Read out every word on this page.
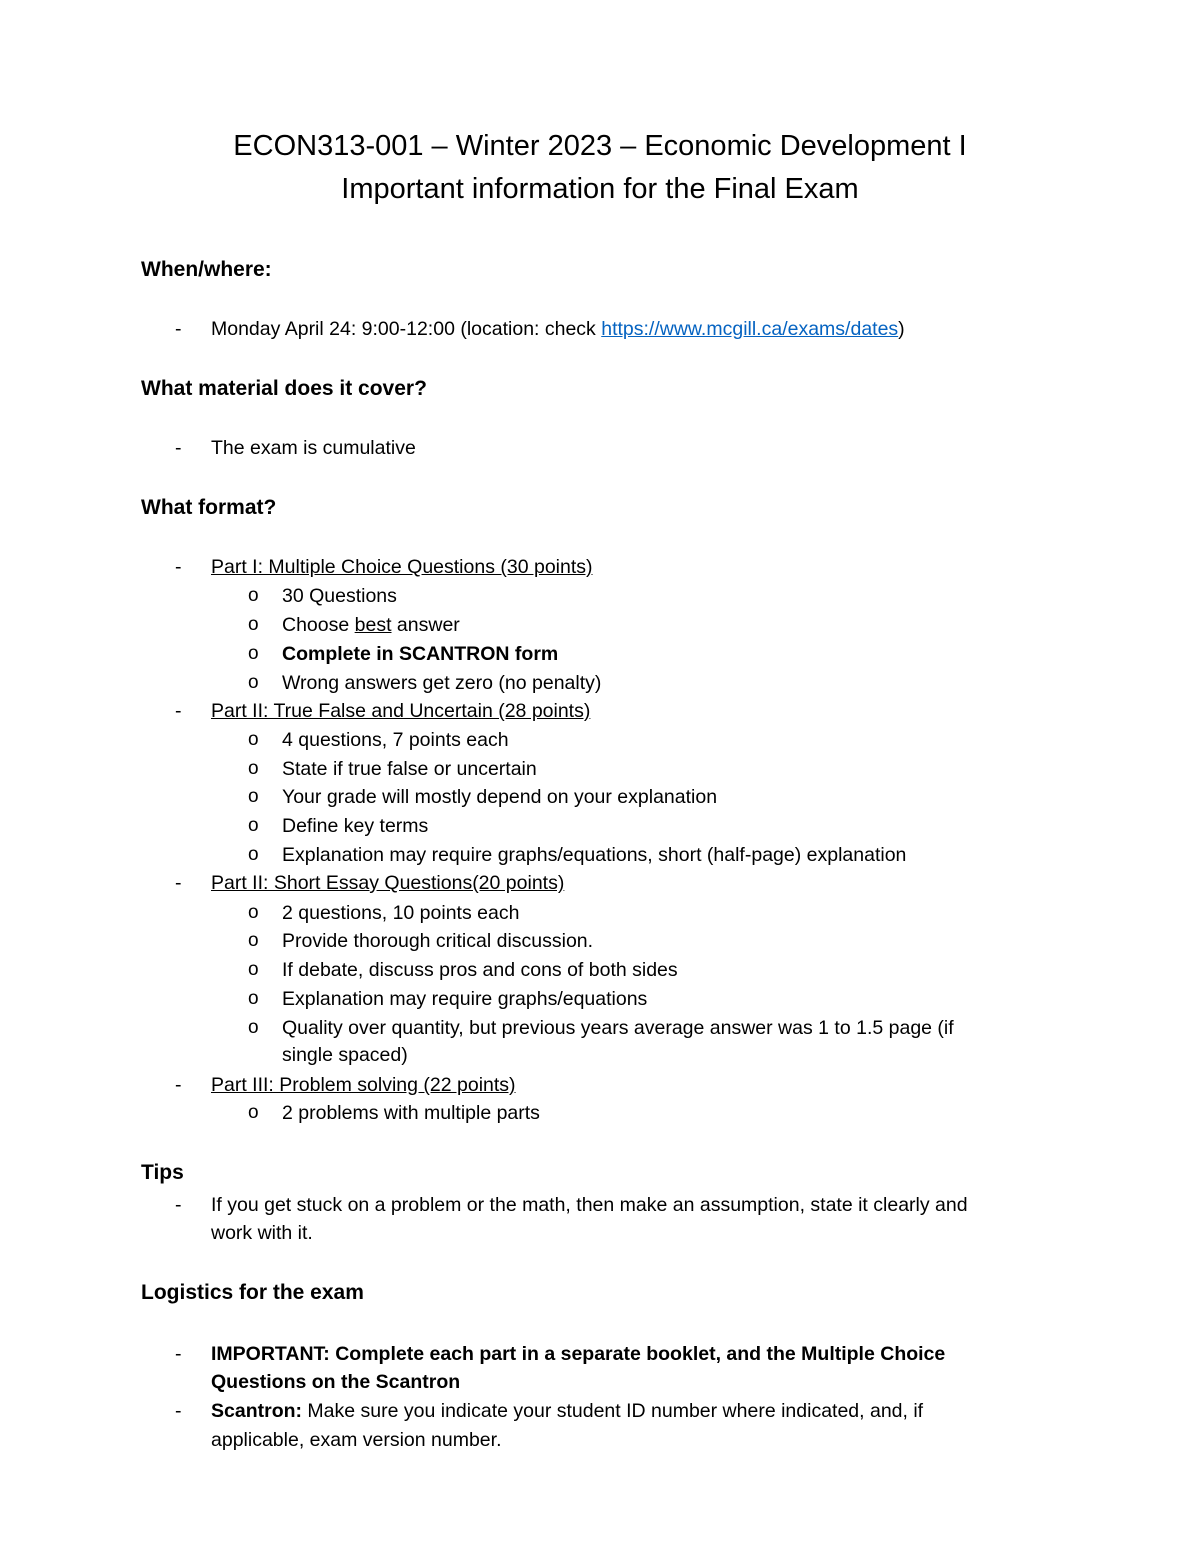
ECON313-001 – Winter 2023 – Economic Development I
Important information for the Final Exam
When/where:
- Monday April 24: 9:00-12:00 (location: check https://www.mcgill.ca/exams/dates)
What material does it cover?
- The exam is cumulative
What format?
- Part I: Multiple Choice Questions (30 points)
o 30 Questions
o Choose best answer
o Complete in SCANTRON form
o Wrong answers get zero (no penalty)
- Part II: True False and Uncertain (28 points)
o 4 questions, 7 points each
o State if true false or uncertain
o Your grade will mostly depend on your explanation
o Define key terms
o Explanation may require graphs/equations, short (half-page) explanation
- Part II: Short Essay Questions(20 points)
o 2 questions, 10 points each
o Provide thorough critical discussion.
o If debate, discuss pros and cons of both sides
o Explanation may require graphs/equations
o Quality over quantity, but previous years average answer was 1 to 1.5 page (if
single spaced)
- Part III: Problem solving (22 points)
o 2 problems with multiple parts
Tips
- If you get stuck on a problem or the math, then make an assumption, state it clearly and
work with it.
Logistics for the exam
- IMPORTANT: Complete each part in a separate booklet, and the Multiple Choice
Questions on the Scantron
- Scantron: Make sure you indicate your student ID number where indicated, and, if
applicable, exam version number.
